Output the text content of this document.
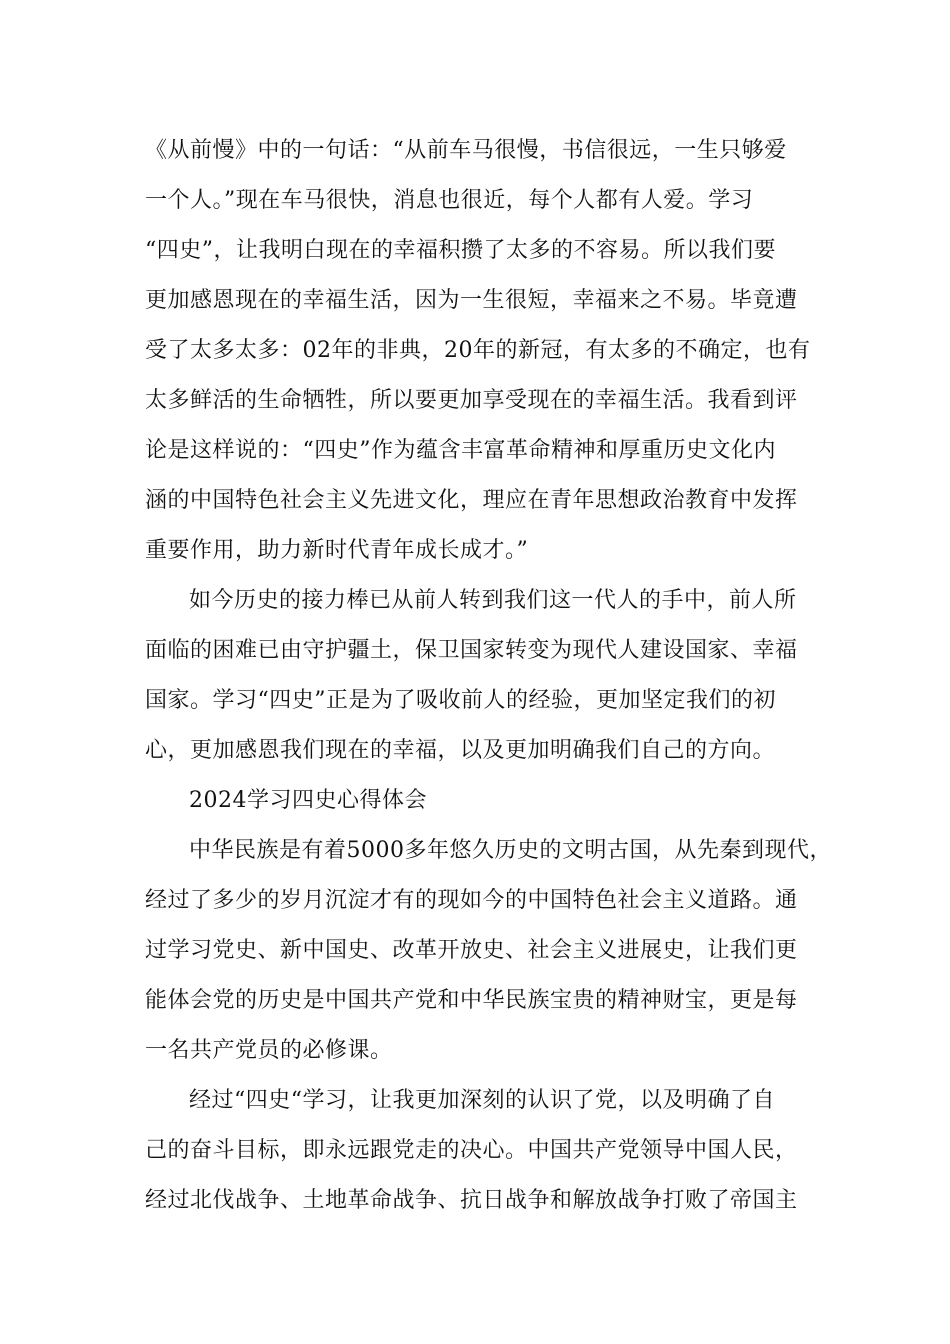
《从前慢》中的一句话：“从前车马很慢，书信很远，一生只够爱
一个人。”现在车马很快，消息也很近，每个人都有人爱。学习
“四史”，让我明白现在的幸福积攒了太多的不容易。所以我们要
更加感恩现在的幸福生活，因为一生很短，幸福来之不易。毕竟遭
受了太多太多：02年的非典，20年的新冠，有太多的不确定，也有
太多鲜活的生命牺牲，所以要更加享受现在的幸福生活。我看到评
论是这样说的：“四史”作为蕴含丰富革命精神和厚重历史文化内
涵的中国特色社会主义先进文化，理应在青年思想政治教育中发挥
重要作用，助力新时代青年成长成才。”
如今历史的接力棒已从前人转到我们这一代人的手中，前人所
面临的困难已由守护疆土，保卫国家转变为现代人建设国家、幸福
国家。学习“四史”正是为了吸收前人的经验，更加坚定我们的初
心，更加感恩我们现在的幸福，以及更加明确我们自己的方向。
2024学习四史心得体会
中华民族是有着5000多年悠久历史的文明古国，从先秦到现代，
经过了多少的岁月沉淀才有的现如今的中国特色社会主义道路。通
过学习党史、新中国史、改革开放史、社会主义进展史，让我们更
能体会党的历史是中国共产党和中华民族宝贵的精神财宝，更是每
一名共产党员的必修课。
经过“四史“学习，让我更加深刻的认识了党，以及明确了自
己的奋斗目标，即永远跟党走的决心。中国共产党领导中国人民，
经过北伐战争、土地革命战争、抗日战争和解放战争打败了帝国主
